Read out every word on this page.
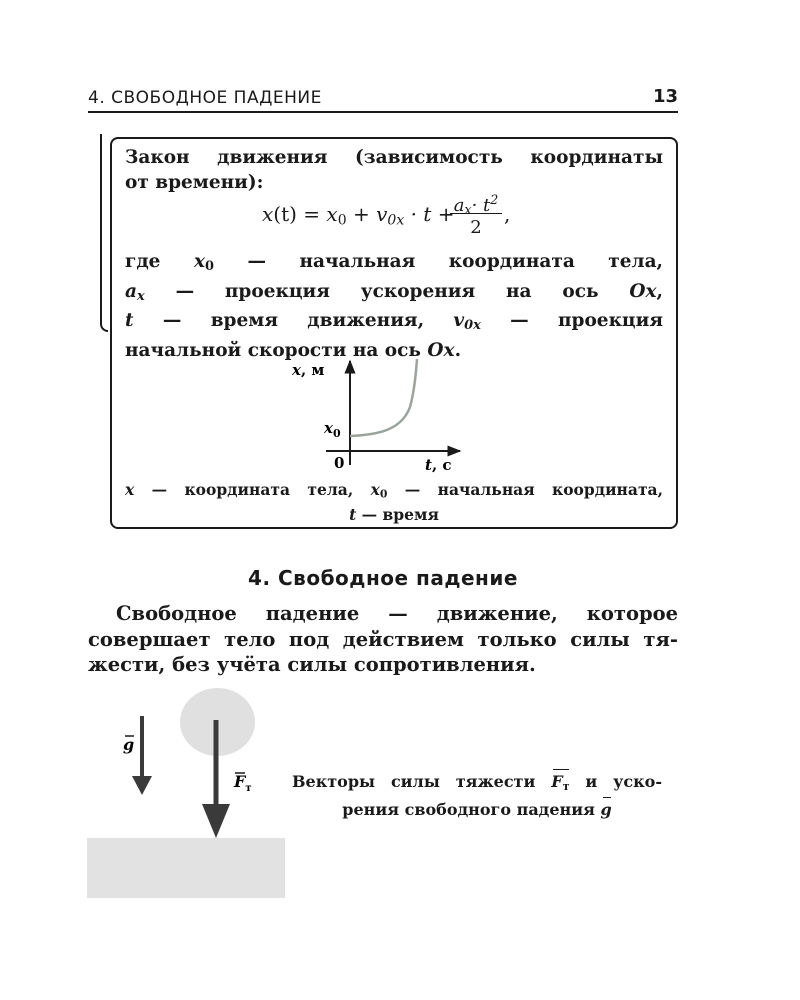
4. СВОБОДНОЕ ПАДЕНИЕ	13
Закон движения (зависимость координаты
от времени):
$x(t) = x_0 + v_{0x} \cdot t + a_x\cdot t^2$
2
,
где $x_0$ — начальная координата тела,
$a_x$ — проекция ускорения на ось Ox,
t — время движения, $v_{0x}$ — проекция
начальной скорости на ось Ox.
x, м
$x_0$
0	t, с
x — координата тела, $x_0$ — начальная координата,
t — время
4. Свободное падение
Свободное падение — движение, которое
совершает тело под действием только силы тя-
жести, без учёта силы сопротивления.
g
$F_т$	Векторы силы тяжести $F_т$ и уско-
рения свободного падения g
